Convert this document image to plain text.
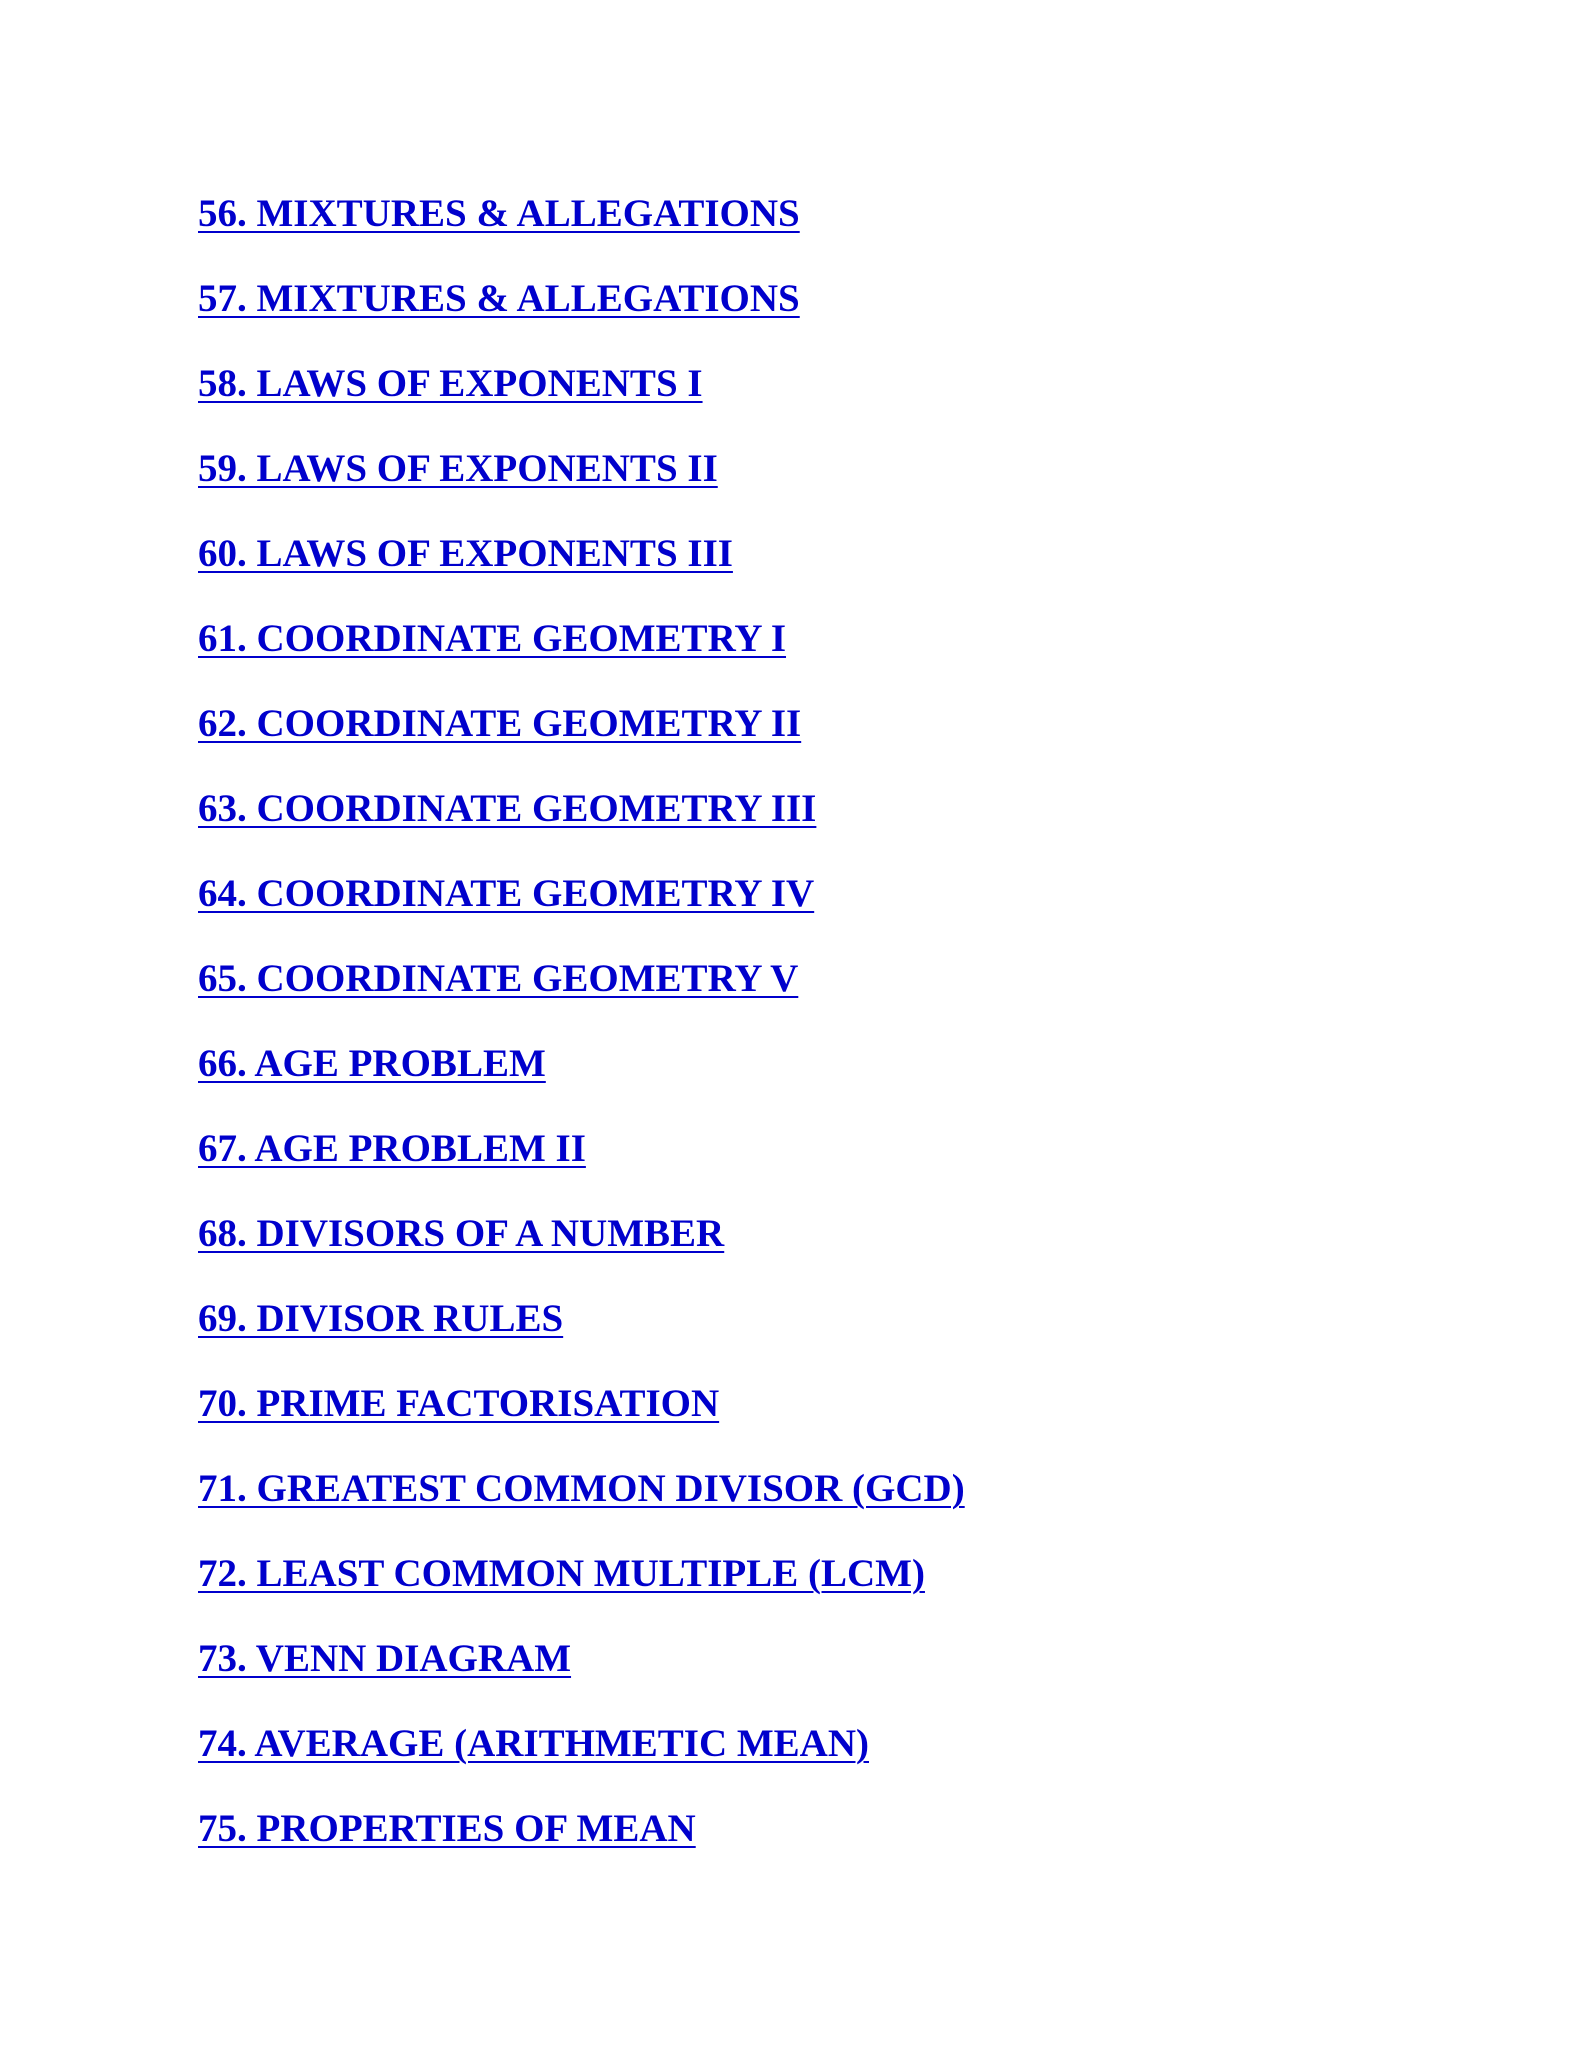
56. MIXTURES & ALLEGATIONS
57. MIXTURES & ALLEGATIONS
58. LAWS OF EXPONENTS I
59. LAWS OF EXPONENTS II
60. LAWS OF EXPONENTS III
61. COORDINATE GEOMETRY I
62. COORDINATE GEOMETRY II
63. COORDINATE GEOMETRY III
64. COORDINATE GEOMETRY IV
65. COORDINATE GEOMETRY V
66. AGE PROBLEM
67. AGE PROBLEM II
68. DIVISORS OF A NUMBER
69. DIVISOR RULES
70. PRIME FACTORISATION
71. GREATEST COMMON DIVISOR (GCD)
72. LEAST COMMON MULTIPLE (LCM)
73. VENN DIAGRAM
74. AVERAGE (ARITHMETIC MEAN)
75. PROPERTIES OF MEAN
